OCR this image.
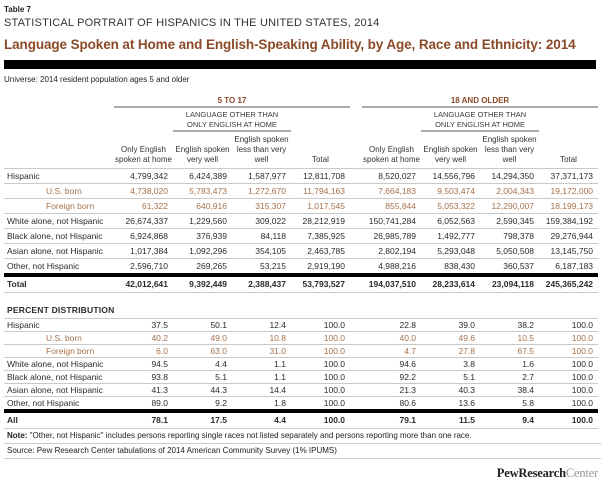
Table 7
STATISTICAL PORTRAIT OF HISPANICS IN THE UNITED STATES, 2014
Language Spoken at Home and English-Speaking Ability, by Age, Race and Ethnicity: 2014
Universe: 2014 resident population ages 5 and older
	5 TO 17					18 AND OLDER			
		LANGUAGE OTHER THAN ONLY ENGLISH AT HOME					LANGUAGE OTHER THAN ONLY ENGLISH AT HOME		
	Only English spoken at home	English spoken very well	English spoken less than very well	Total		Only English spoken at home	English spoken very well	English spoken less than very well	Total
Hispanic	4,799,342	6,424,389	1,587,977	12,811,708		8,520,027	14,556,796	14,294,350	37,371,173
U.S. born	4,738,020	5,783,473	1,272,670	11,794,163		7,664,183	9,503,474	2,004,343	19,172,000
Foreign born	61,322	640,916	315,307	1,017,545		855,844	5,053,322	12,290,007	18,199,173
White alone, not Hispanic	26,674,337	1,229,560	309,022	28,212,919		150,741,284	6,052,563	2,590,345	159,384,192
Black alone, not Hispanic	6,924,868	376,939	84,118	7,385,925		26,985,789	1,492,777	798,378	29,276,944
Asian alone, not Hispanic	1,017,384	1,092,296	354,105	2,463,785		2,802,194	5,293,048	5,050,508	13,145,750
Other, not Hispanic	2,596,710	269,265	53,215	2,919,190		4,988,216	838,430	360,537	6,187,183
Total	42,012,641	9,392,449	2,388,437	53,793,527		194,037,510	28,233,614	23,094,118	245,365,242

PERCENT DISTRIBUTION									
Hispanic	37.5	50.1	12.4	100.0		22.8	39.0	38.2	100.0
U.S. born	40.2	49.0	10.8	100.0		40.0	49.6	10.5	100.0
Foreign born	6.0	63.0	31.0	100.0		4.7	27.8	67.5	100.0
White alone, not Hispanic	94.5	4.4	1.1	100.0		94.6	3.8	1.6	100.0
Black alone, not Hispanic	93.8	5.1	1.1	100.0		92.2	5.1	2.7	100.0
Asian alone, not Hispanic	41.3	44.3	14.4	100.0		21.3	40.3	38.4	100.0
Other, not Hispanic	89.0	9.2	1.8	100.0		80.6	13.6	5.8	100.0
All	78.1	17.5	4.4	100.0		79.1	11.5	9.4	100.0
Note: "Other, not Hispanic" includes persons reporting single races not listed separately and persons reporting more than one race.
Source: Pew Research Center tabulations of 2014 American Community Survey (1% IPUMS)
PewResearchCenter
